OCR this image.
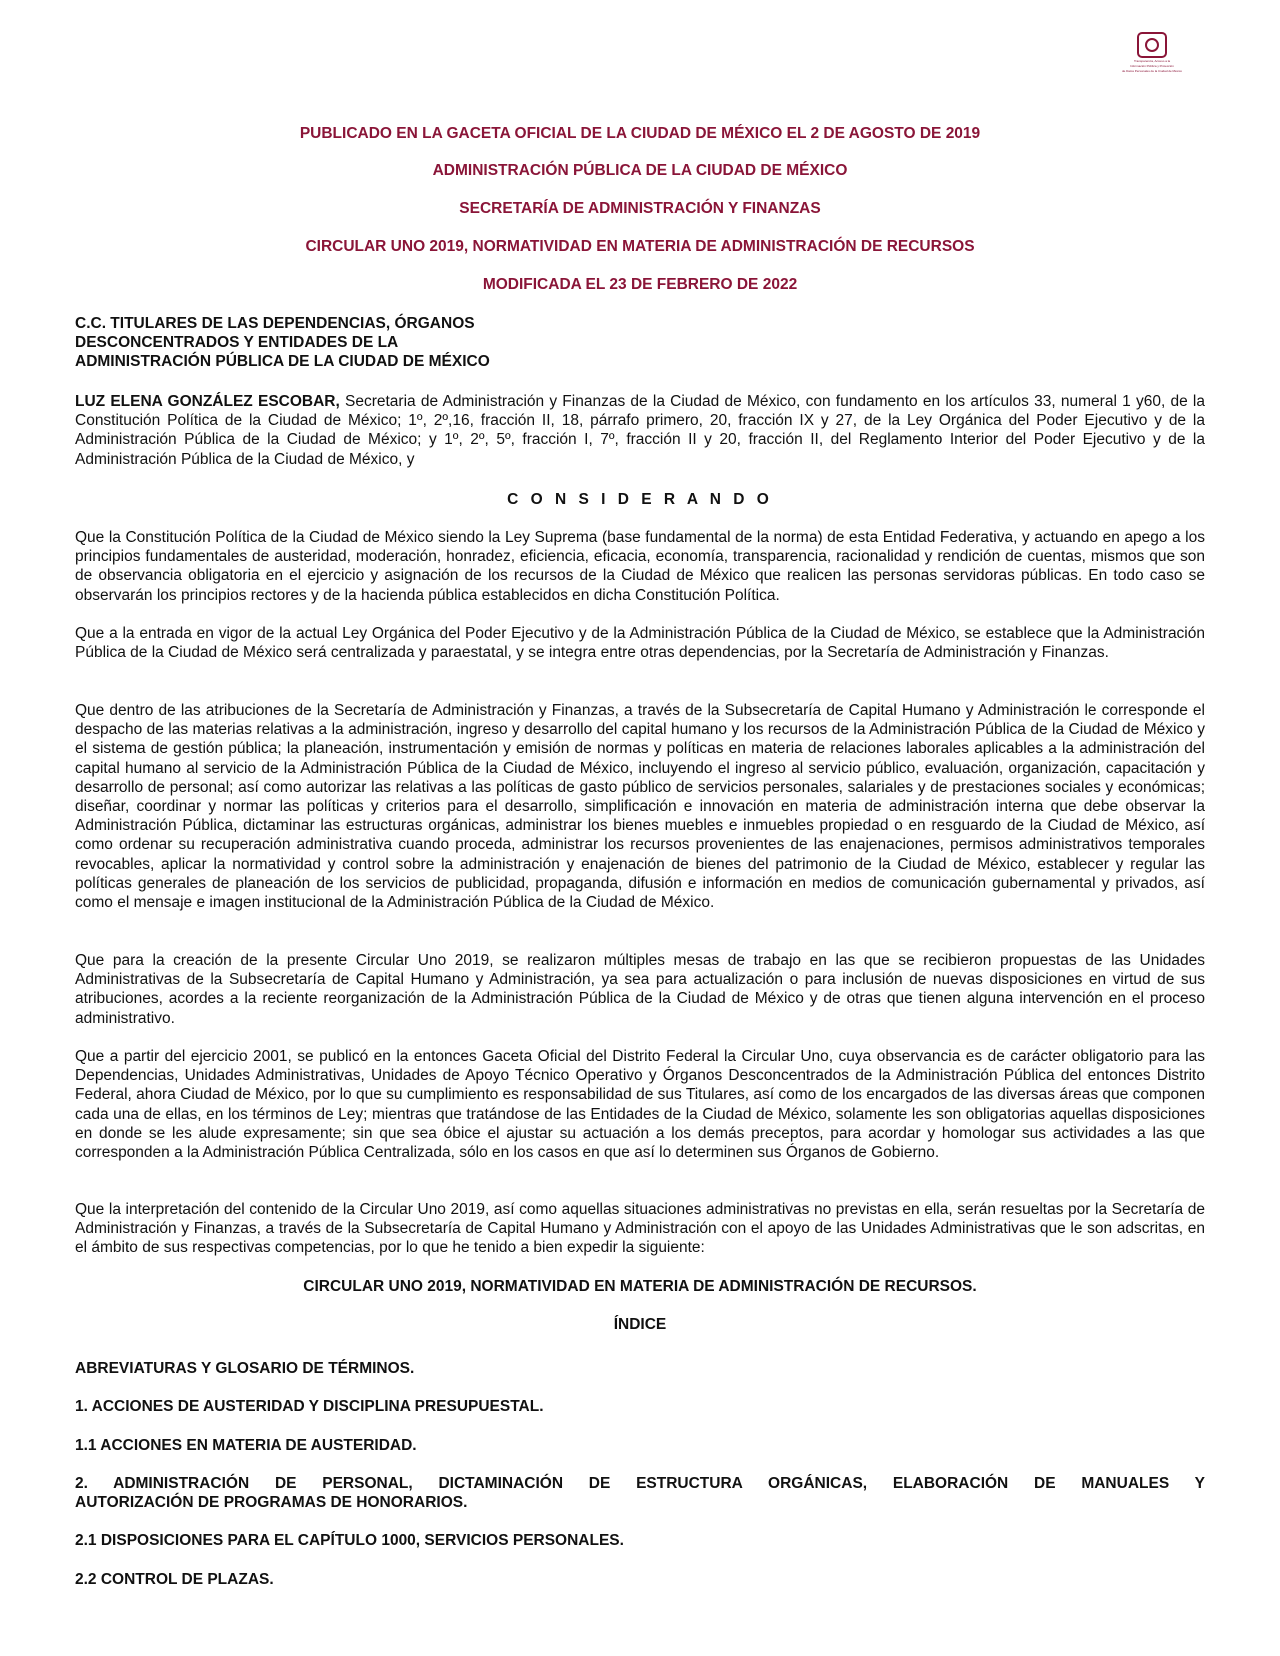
Transparencia, Acceso a la
Información Pública y Protección
de Datos Personales de la Ciudad de México
PUBLICADO EN LA GACETA OFICIAL DE LA CIUDAD DE MÉXICO EL 2 DE AGOSTO DE 2019
ADMINISTRACIÓN PÚBLICA DE LA CIUDAD DE MÉXICO
SECRETARÍA DE ADMINISTRACIÓN Y FINANZAS
CIRCULAR UNO 2019, NORMATIVIDAD EN MATERIA DE ADMINISTRACIÓN DE RECURSOS
MODIFICADA EL 23 DE FEBRERO DE 2022
C.C. TITULARES DE LAS DEPENDENCIAS, ÓRGANOS
DESCONCENTRADOS Y ENTIDADES DE LA
ADMINISTRACIÓN PÚBLICA DE LA CIUDAD DE MÉXICO
LUZ ELENA GONZÁLEZ ESCOBAR, Secretaria de Administración y Finanzas de la Ciudad de México, con fundamento en los artículos 33, numeral 1 y60, de la Constitución Política de la Ciudad de México; 1º, 2º,16, fracción II, 18, párrafo primero, 20, fracción IX y 27, de la Ley Orgánica del Poder Ejecutivo y de la Administración Pública de la Ciudad de México; y 1º, 2º, 5º, fracción I, 7º, fracción II y 20, fracción II, del Reglamento Interior del Poder Ejecutivo y de la Administración Pública de la Ciudad de México, y
C O N S I D E R A N D O
Que la Constitución Política de la Ciudad de México siendo la Ley Suprema (base fundamental de la norma) de esta Entidad Federativa, y actuando en apego a los principios fundamentales de austeridad, moderación, honradez, eficiencia, eficacia, economía, transparencia, racionalidad y rendición de cuentas, mismos que son de observancia obligatoria en el ejercicio y asignación de los recursos de la Ciudad de México que realicen las personas servidoras públicas. En todo caso se observarán los principios rectores y de la hacienda pública establecidos en dicha Constitución Política.
Que a la entrada en vigor de la actual Ley Orgánica del Poder Ejecutivo y de la Administración Pública de la Ciudad de México, se establece que la Administración Pública de la Ciudad de México será centralizada y paraestatal, y se integra entre otras dependencias, por la Secretaría de Administración y Finanzas.
Que dentro de las atribuciones de la Secretaría de Administración y Finanzas, a través de la Subsecretaría de Capital Humano y Administración le corresponde el despacho de las materias relativas a la administración, ingreso y desarrollo del capital humano y los recursos de la Administración Pública de la Ciudad de México y el sistema de gestión pública; la planeación, instrumentación y emisión de normas y políticas en materia de relaciones laborales aplicables a la administración del capital humano al servicio de la Administración Pública de la Ciudad de México, incluyendo el ingreso al servicio público, evaluación, organización, capacitación y desarrollo de personal; así como autorizar las relativas a las políticas de gasto público de servicios personales, salariales y de prestaciones sociales y económicas; diseñar, coordinar y normar las políticas y criterios para el desarrollo, simplificación e innovación en materia de administración interna que debe observar la Administración Pública, dictaminar las estructuras orgánicas, administrar los bienes muebles e inmuebles propiedad o en resguardo de la Ciudad de México, así como ordenar su recuperación administrativa cuando proceda, administrar los recursos provenientes de las enajenaciones, permisos administrativos temporales revocables, aplicar la normatividad y control sobre la administración y enajenación de bienes del patrimonio de la Ciudad de México, establecer y regular las políticas generales de planeación de los servicios de publicidad, propaganda, difusión e información en medios de comunicación gubernamental y privados, así como el mensaje e imagen institucional de la Administración Pública de la Ciudad de México.
Que para la creación de la presente Circular Uno 2019, se realizaron múltiples mesas de trabajo en las que se recibieron propuestas de las Unidades Administrativas de la Subsecretaría de Capital Humano y Administración, ya sea para actualización o para inclusión de nuevas disposiciones en virtud de sus atribuciones, acordes a la reciente reorganización de la Administración Pública de la Ciudad de México y de otras que tienen alguna intervención en el proceso administrativo.
Que a partir del ejercicio 2001, se publicó en la entonces Gaceta Oficial del Distrito Federal la Circular Uno, cuya observancia es de carácter obligatorio para las Dependencias, Unidades Administrativas, Unidades de Apoyo Técnico Operativo y Órganos Desconcentrados de la Administración Pública del entonces Distrito Federal, ahora Ciudad de México, por lo que su cumplimiento es responsabilidad de sus Titulares, así como de los encargados de las diversas áreas que componen cada una de ellas, en los términos de Ley; mientras que tratándose de las Entidades de la Ciudad de México, solamente les son obligatorias aquellas disposiciones en donde se les alude expresamente; sin que sea óbice el ajustar su actuación a los demás preceptos, para acordar y homologar sus actividades a las que corresponden a la Administración Pública Centralizada, sólo en los casos en que así lo determinen sus Órganos de Gobierno.
Que la interpretación del contenido de la Circular Uno 2019, así como aquellas situaciones administrativas no previstas en ella, serán resueltas por la Secretaría de Administración y Finanzas, a través de la Subsecretaría de Capital Humano y Administración con el apoyo de las Unidades Administrativas que le son adscritas, en el ámbito de sus respectivas competencias, por lo que he tenido a bien expedir la siguiente:
CIRCULAR UNO 2019, NORMATIVIDAD EN MATERIA DE ADMINISTRACIÓN DE RECURSOS.
ÍNDICE
ABREVIATURAS Y GLOSARIO DE TÉRMINOS.
1. ACCIONES DE AUSTERIDAD Y DISCIPLINA PRESUPUESTAL.
1.1 ACCIONES EN MATERIA DE AUSTERIDAD.
2. ADMINISTRACIÓN DE PERSONAL, DICTAMINACIÓN DE ESTRUCTURA ORGÁNICAS, ELABORACIÓN DE MANUALES Y
AUTORIZACIÓN DE PROGRAMAS DE HONORARIOS.
2.1 DISPOSICIONES PARA EL CAPÍTULO 1000, SERVICIOS PERSONALES.
2.2 CONTROL DE PLAZAS.
